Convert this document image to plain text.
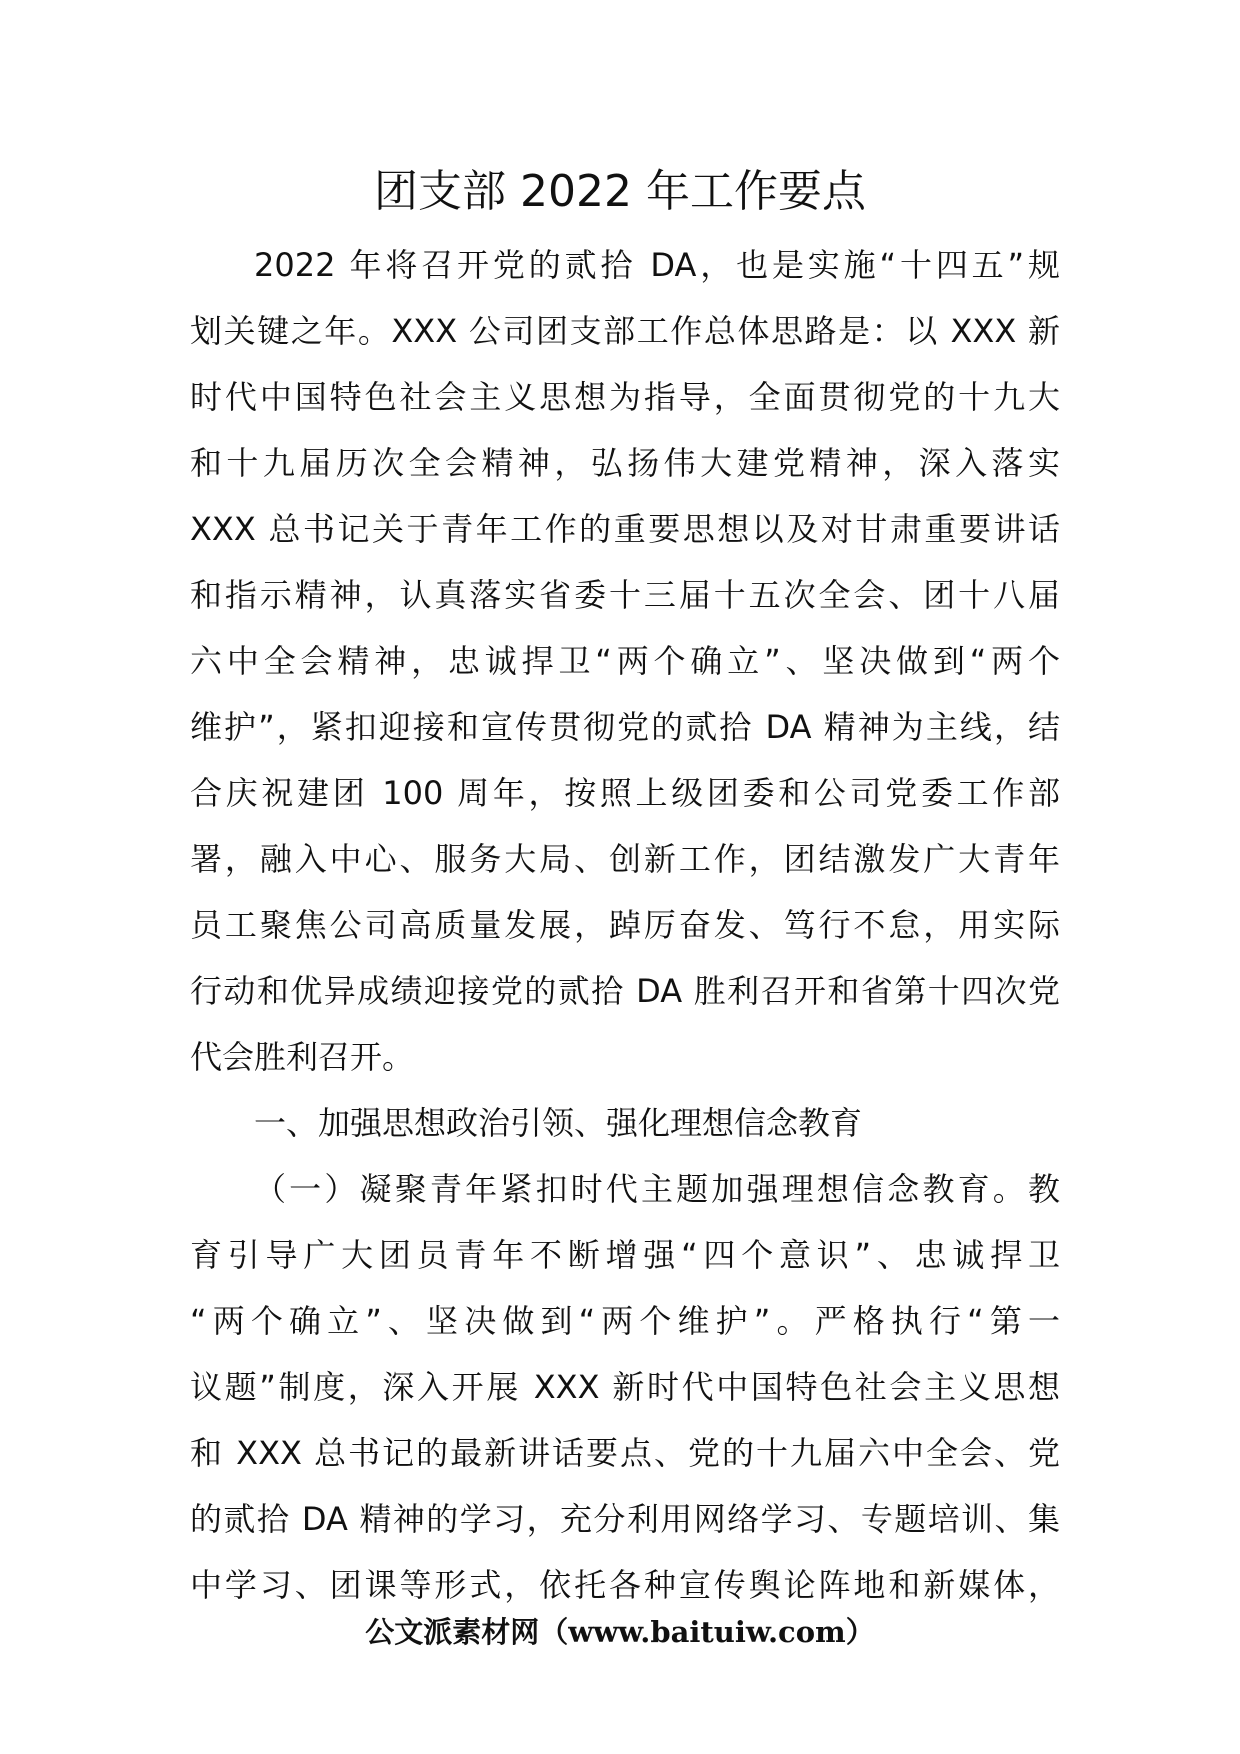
团支部 2022 年工作要点
2022 年将召开党的贰拾 DA，也是实施“十四五”规
划关键之年。XXX 公司团支部工作总体思路是：以 XXX 新
时代中国特色社会主义思想为指导，全面贯彻党的十九大
和十九届历次全会精神，弘扬伟大建党精神，深入落实
XXX 总书记关于青年工作的重要思想以及对甘肃重要讲话
和指示精神，认真落实省委十三届十五次全会、团十八届
六中全会精神，忠诚捍卫“两个确立”、坚决做到“两个
维护”，紧扣迎接和宣传贯彻党的贰拾 DA 精神为主线，结
合庆祝建团 100 周年，按照上级团委和公司党委工作部
署，融入中心、服务大局、创新工作，团结激发广大青年
员工聚焦公司高质量发展，踔厉奋发、笃行不怠，用实际
行动和优异成绩迎接党的贰拾 DA 胜利召开和省第十四次党
代会胜利召开。
一、加强思想政治引领、强化理想信念教育
（一）凝聚青年紧扣时代主题加强理想信念教育。教
育引导广大团员青年不断增强“四个意识”、忠诚捍卫
“两个确立”、坚决做到“两个维护”。严格执行“第一
议题”制度，深入开展 XXX 新时代中国特色社会主义思想
和 XXX 总书记的最新讲话要点、党的十九届六中全会、党
的贰拾 DA 精神的学习，充分利用网络学习、专题培训、集
中学习、团课等形式，依托各种宣传舆论阵地和新媒体，
公文派素材网（www.baituiw.com）
